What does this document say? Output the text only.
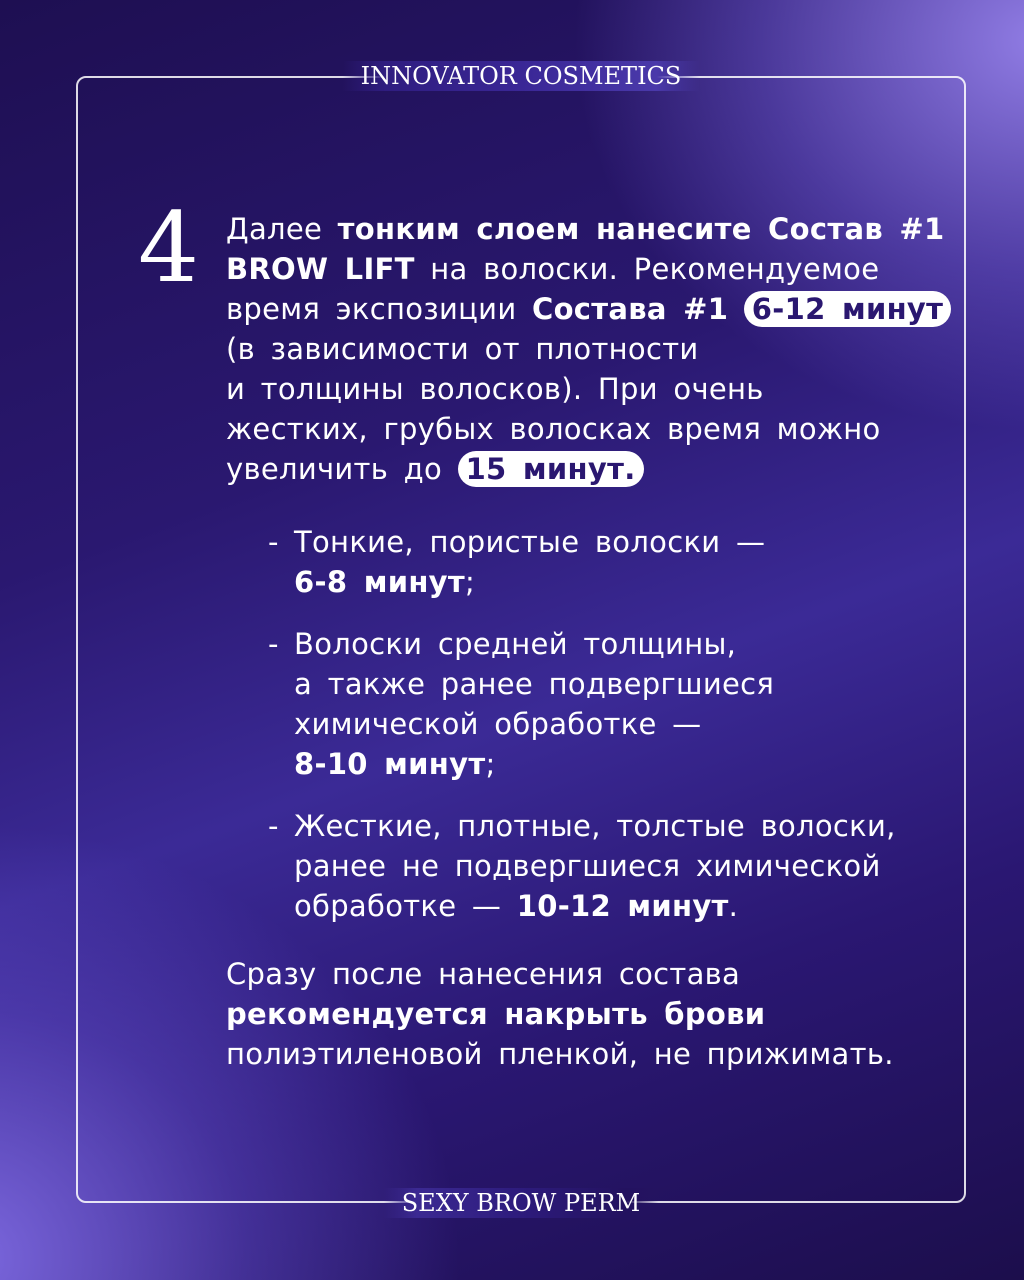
INNOVATOR COSMETICS
SEXY BROW PERM
4 Далее тонким слоем нанесите Состав #1
BROW LIFT на волоски. Рекомендуемое
время экспозиции Состава #1 6-12 минут
(в зависимости от плотности
и толщины волосков). При очень
жестких, грубых волосках время можно
увеличить до 15 минут.
- Тонкие, пористые волоски —
6-8 минут;
- Волоски средней толщины,
а также ранее подвергшиеся
химической обработке —
8-10 минут;
- Жесткие, плотные, толстые волоски,
ранее не подвергшиеся химической
обработке — 10-12 минут.
Сразу после нанесения состава
рекомендуется накрыть брови
полиэтиленовой пленкой, не прижимать.
